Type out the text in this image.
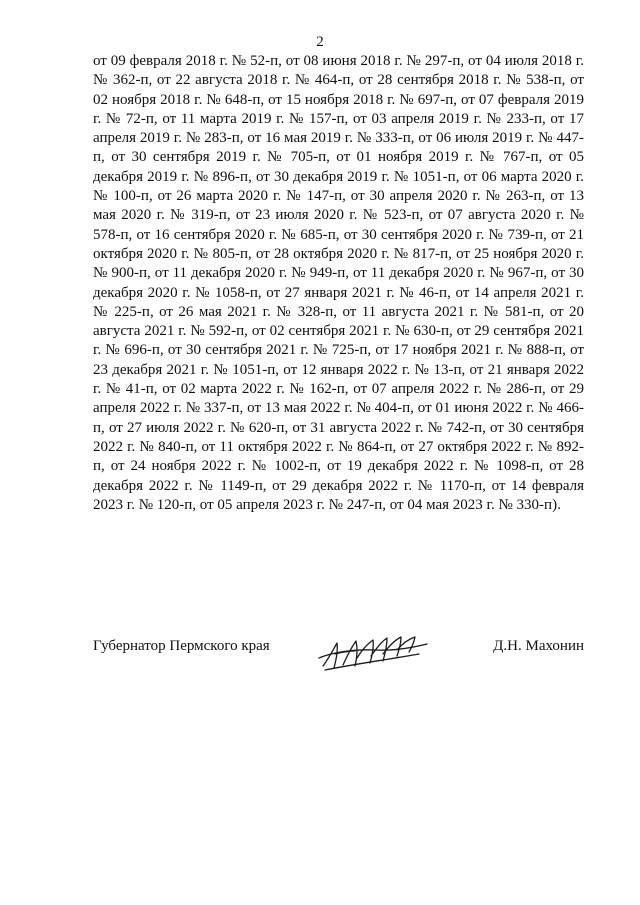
2

от 09 февраля 2018 г. № 52-п, от 08 июня 2018 г. № 297-п, от 04 июля 2018 г. № 362-п, от 22 августа 2018 г. № 464-п, от 28 сентября 2018 г. № 538-п, от 02 ноября 2018 г. № 648-п, от 15 ноября 2018 г. № 697-п, от 07 февраля 2019 г. № 72-п, от 11 марта 2019 г. № 157-п, от 03 апреля 2019 г. № 233-п, от 17 апреля 2019 г. № 283-п, от 16 мая 2019 г. № 333-п, от 06 июля 2019 г. № 447-п, от 30 сентября 2019 г. № 705-п, от 01 ноября 2019 г. № 767-п, от 05 декабря 2019 г. № 896-п, от 30 декабря 2019 г. № 1051-п, от 06 марта 2020 г. № 100-п, от 26 марта 2020 г. № 147-п, от 30 апреля 2020 г. № 263-п, от 13 мая 2020 г. № 319-п, от 23 июля 2020 г. № 523-п, от 07 августа 2020 г. № 578-п, от 16 сентября 2020 г. № 685-п, от 30 сентября 2020 г. № 739-п, от 21 октября 2020 г. № 805-п, от 28 октября 2020 г. № 817-п, от 25 ноября 2020 г. № 900-п, от 11 декабря 2020 г. № 949-п, от 11 декабря 2020 г. № 967-п, от 30 декабря 2020 г. № 1058-п, от 27 января 2021 г. № 46-п, от 14 апреля 2021 г. № 225-п, от 26 мая 2021 г. № 328-п, от 11 августа 2021 г. № 581-п, от 20 августа 2021 г. № 592-п, от 02 сентября 2021 г. № 630-п, от 29 сентября 2021 г. № 696-п, от 30 сентября 2021 г. № 725-п, от 17 ноября 2021 г. № 888-п, от 23 декабря 2021 г. № 1051-п, от 12 января 2022 г. № 13-п, от 21 января 2022 г. № 41-п, от 02 марта 2022 г. № 162-п, от 07 апреля 2022 г. № 286-п, от 29 апреля 2022 г. № 337-п, от 13 мая 2022 г. № 404-п, от 01 июня 2022 г. № 466-п, от 27 июля 2022 г. № 620-п, от 31 августа 2022 г. № 742-п, от 30 сентября 2022 г. № 840-п, от 11 октября 2022 г. № 864-п, от 27 октября 2022 г. № 892-п, от 24 ноября 2022 г. № 1002-п, от 19 декабря 2022 г. № 1098-п, от 28 декабря 2022 г. № 1149-п, от 29 декабря 2022 г. № 1170-п, от 14 февраля 2023 г. № 120-п, от 05 апреля 2023 г. № 247-п, от 04 мая 2023 г. № 330-п).

Губернатор Пермского края	Д.Н. Махонин
